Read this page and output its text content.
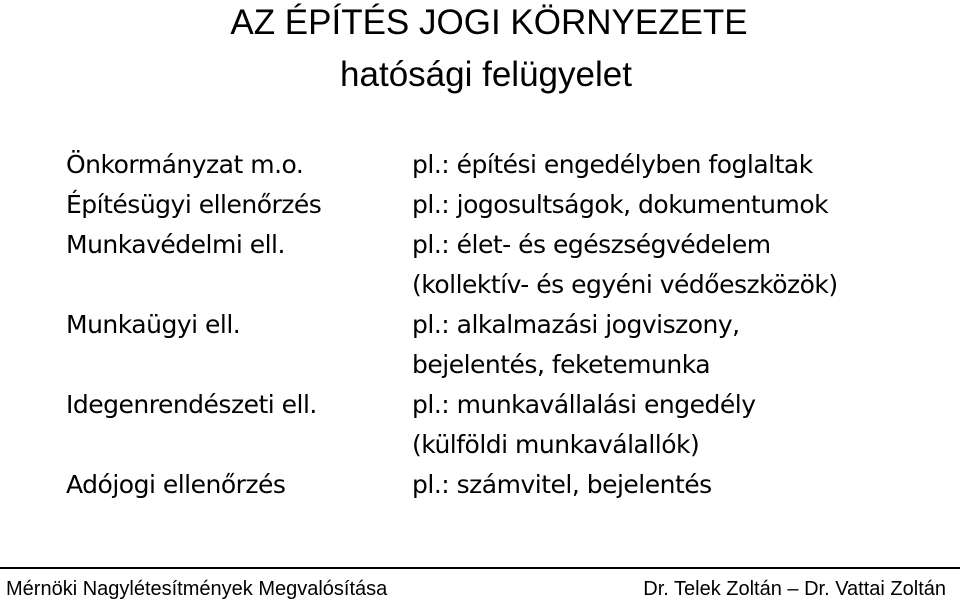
AZ ÉPÍTÉS JOGI KÖRNYEZETE
hatósági felügyelet
Önkormányzat m.o.
Építésügyi ellenőrzés
Munkavédelmi ell.
Munkaügyi ell.
Idegenrendészeti ell.
Adójogi ellenőrzés
pl.: építési engedélyben foglaltak
pl.: jogosultságok, dokumentumok
pl.: élet- és egészségvédelem
(kollektív- és egyéni védőeszközök)
pl.: alkalmazási jogviszony,
bejelentés, feketemunka
pl.: munkavállalási engedély
(külföldi munkaválallók)
pl.: számvitel, bejelentés
Mérnöki Nagylétesítmények Megvalósítása	Dr. Telek Zoltán – Dr. Vattai Zoltán
